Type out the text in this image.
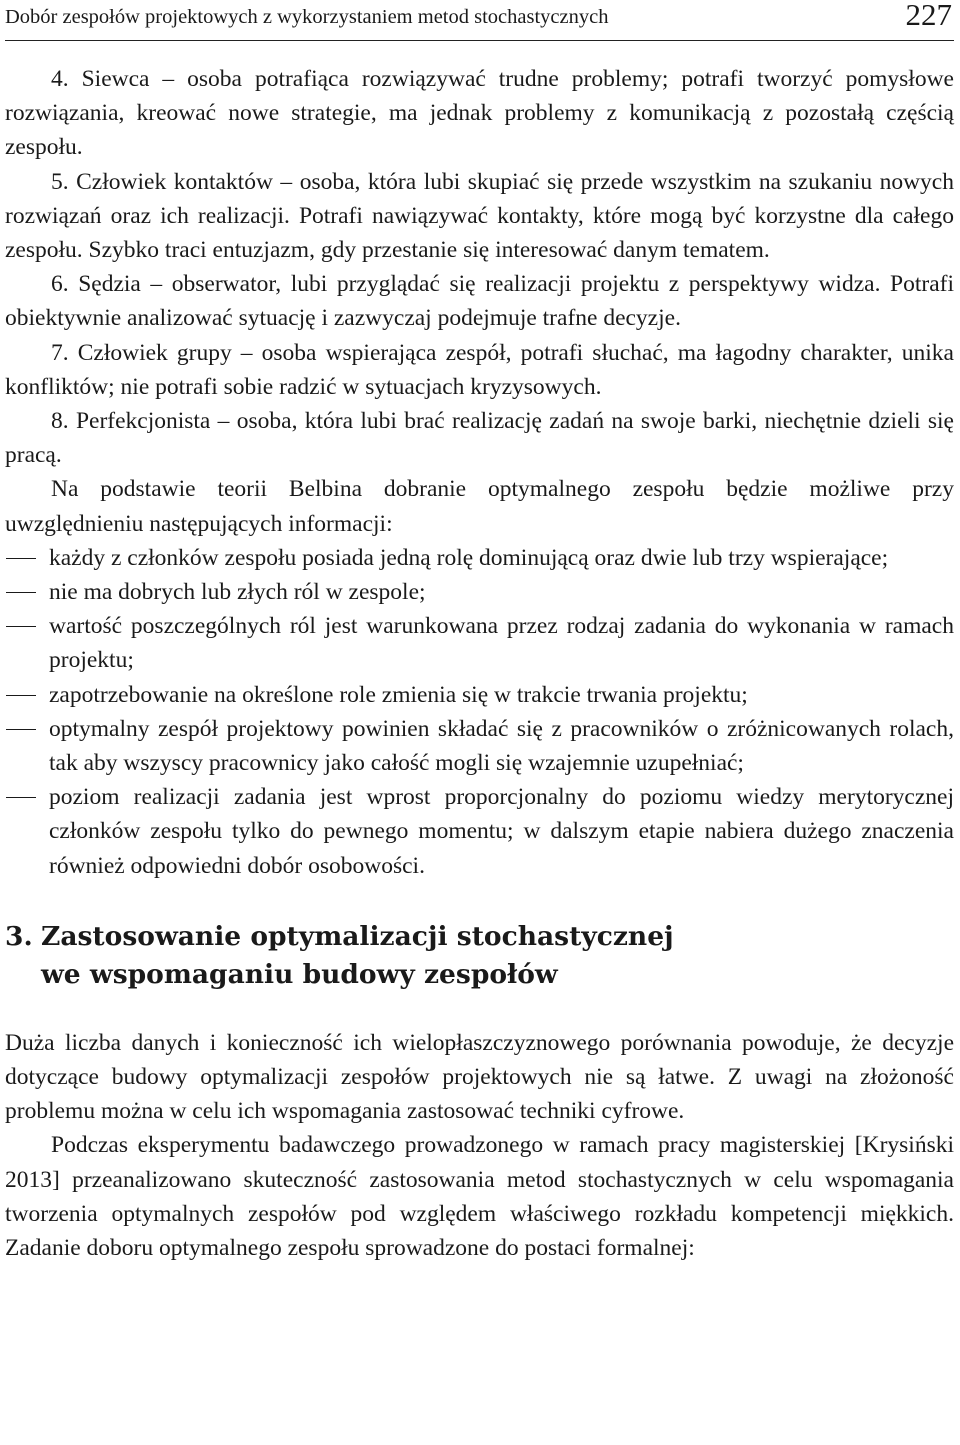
Dobór zespołów projektowych z wykorzystaniem metod stochastycznych	227

4. Siewca – osoba potrafiąca rozwiązywać trudne problemy; potrafi tworzyć pomysłowe rozwiązania, kreować nowe strategie, ma jednak problemy z komunikacją z pozostałą częścią zespołu.

5. Człowiek kontaktów – osoba, która lubi skupiać się przede wszystkim na szukaniu nowych rozwiązań oraz ich realizacji. Potrafi nawiązywać kontakty, które mogą być korzystne dla całego zespołu. Szybko traci entuzjazm, gdy przestanie się interesować danym tematem.

6. Sędzia – obserwator, lubi przyglądać się realizacji projektu z perspektywy widza. Potrafi obiektywnie analizować sytuację i zazwyczaj podejmuje trafne decyzje.

7. Człowiek grupy – osoba wspierająca zespół, potrafi słuchać, ma łagodny charakter, unika konfliktów; nie potrafi sobie radzić w sytuacjach kryzysowych.

8. Perfekcjonista – osoba, która lubi brać realizację zadań na swoje barki, niechętnie dzieli się pracą.

Na podstawie teorii Belbina dobranie optymalnego zespołu będzie możliwe przy uwzględnieniu następujących informacji:

każdy z członków zespołu posiada jedną rolę dominującą oraz dwie lub trzy wspierające;
nie ma dobrych lub złych ról w zespole;
wartość poszczególnych ról jest warunkowana przez rodzaj zadania do wykonania w ramach projektu;
zapotrzebowanie na określone role zmienia się w trakcie trwania projektu;
optymalny zespół projektowy powinien składać się z pracowników o zróżnicowanych rolach, tak aby wszyscy pracownicy jako całość mogli się wzajemnie uzupełniać;
poziom realizacji zadania jest wprost proporcjonalny do poziomu wiedzy merytorycznej członków zespołu tylko do pewnego momentu; w dalszym etapie nabiera dużego znaczenia również odpowiedni dobór osobowości.
3. Zastosowanie optymalizacji stochastycznej
we wspomaganiu budowy zespołów

Duża liczba danych i konieczność ich wielopłaszczyznowego porównania powoduje, że decyzje dotyczące budowy optymalizacji zespołów projektowych nie są łatwe. Z uwagi na złożoność problemu można w celu ich wspomagania zastosować techniki cyfrowe.

Podczas eksperymentu badawczego prowadzonego w ramach pracy magisterskiej [Krysiński 2013] przeanalizowano skuteczność zastosowania metod stochastycznych w celu wspomagania tworzenia optymalnych zespołów pod względem właściwego rozkładu kompetencji miękkich. Zadanie doboru optymalnego zespołu sprowadzone do postaci formalnej:
